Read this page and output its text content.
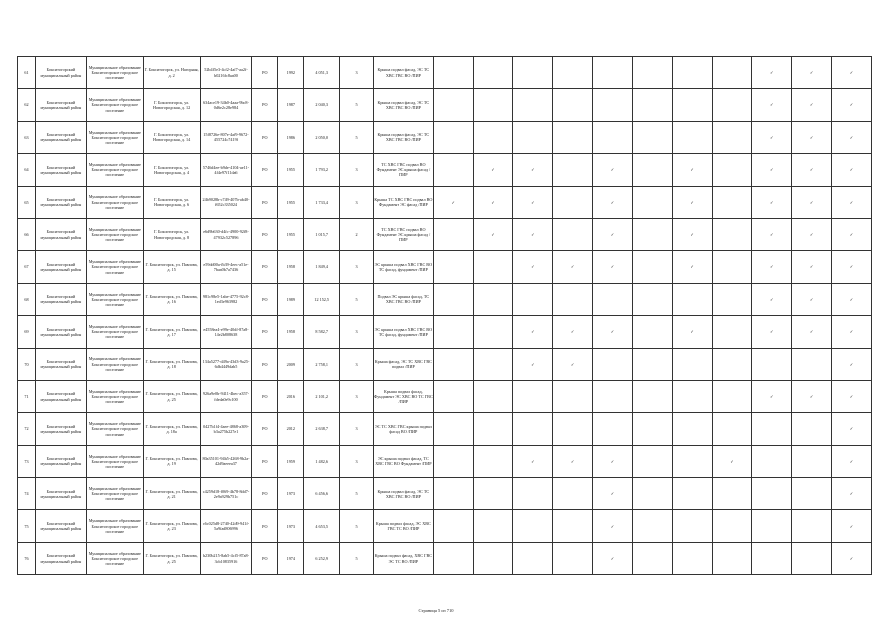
61	Бокситогорский муниципальный район	Муниципальное образование Бокситогорское городское поселение	Г. Бокситогорск, ул. Нагорная, д. 2	52b4f5e3-4cf2-4af7-aa2f-b0216fc8aa00	РО	1992	4 051,3	3	Крыша подвал фасад, ЭС ТС ХВС ГВС ВО /ПИР									✓	✓	✓
62	Бокситогорский муниципальный район	Муниципальное образование Бокситогорское городское поселение	Г. Бокситогорск, ул. Новогородская, д. 12	634ace19-34b0-4aaa-9bc8-0d6e2c28e984	РО	1987	2 040,3	5	Крыша подвал фасад, ЭС ТС ХВС ГВС ВО /ПИР									✓	✓	✓
63	Бокситогорский муниципальный район	Муниципальное образование Бокситогорское городское поселение	Г. Бокситогорск, ул. Новогородская, д. 14	15f8726e-807e-4af9-9672-455724c7419f	РО	1986	2 050,0	5	Крыша подвал фасад, ЭС ТС ХВС ГВС ВО /ПИР									✓	✓	✓
64	Бокситогорский муниципальный район	Муниципальное образование Бокситогорское городское поселение	Г. Бокситогорск, ул. Новогородская, д. 4	5746d4ee-b9de-4104-ae11-4f4e97f11da6	РО	1955	1 793,2	3	ТС ХВС ГВС подвал ВО Фундамент ЭС крыша фасад /ПИР		✓	✓		✓		✓		✓	✓	✓
65	Бокситогорский муниципальный район	Муниципальное образование Бокситогорское городское поселение	Г. Бокситогорск, ул. Новогородская, д. 6	24b9028b-c749-407b-ab40-f652c335024	РО	1955	1 733,4	3	Крыша ТС ХВС ГВС подвал ВО Фундамент ЭС фасад /ПИР	✓	✓	✓		✓		✓		✓	✓	✓
66	Бокситогорский муниципальный район	Муниципальное образование Бокситогорское городское поселение	Г. Бокситогорск, ул. Новогородская, д. 8	e6d9b630-d4fc-4900-92f8-47932c527896	РО	1955	1 015,7	2	ТС ХВС ГВС подвал ВО Фундамент ЭС крыша фасад /ПИР		✓	✓		✓		✓		✓	✓	✓
67	Бокситогорский муниципальный район	Муниципальное образование Бокситогорское городское поселение	Г. Бокситогорск, ул. Павлова, д. 15	e59dd00a-fb39-4eec-a51e-7baa0b7a7436	РО	1958	1 849,4	3	ЭС крыша подвал ХВС ГВС ВО ТС фасад, фундамент /ПИР			✓	✓	✓		✓		✓	✓	✓
68	Бокситогорский муниципальный район	Муниципальное образование Бокситогорское городское поселение	Г. Бокситогорск, ул. Павлова, д. 16	981c98e5-1abe-4775-92c8-1ed3e963982	РО	1989	12 152,5	5	Подвал ЭС крыша фасад, ТС ХВС ГВС ВО /ПИР									✓	✓	✓
69	Бокситогорский муниципальный район	Муниципальное образование Бокситогорское городское поселение	Г. Бокситогорск, ул. Павлова, д. 17	e4558ea4-e99e-40df-87a8-14e2b808638	РО	1958	8 582,7	3	ЭС крыша подвал ХВС ГВС ВО ТС фасад, фундамент /ПИР			✓	✓	✓		✓		✓	✓	✓
70	Бокситогорский муниципальный район	Муниципальное образование Бокситогорское городское поселение	Г. Бокситогорск, ул. Павлова, д. 18	134a5277-d49a-43d3-9a25-6db4449dab5	РО	2009	2 758,1	3	Крыша фасад, ЭС ТС ХВС ГВС подвал /ПИР			✓	✓							✓
71	Бокситогорский муниципальный район	Муниципальное образование Бокситогорское городское поселение	Г. Бокситогорск, ул. Павлова, д. 25	926a9e0b-9411-4bec-a357-fdeda0e9c100	РО	2016	2 101,2	3	Крыша подвал фасад, Фундамент ЭС ХВС ВО ТС ГВС /ПИР									✓	✓	✓
72	Бокситогорский муниципальный район	Муниципальное образование Бокситогорское городское поселение	Г. Бокситогорск, ул. Павлова, д. 18а	0427b1f4-4aee-4868-a309-b3a275b227e1	РО	2012	2 638,7	3	ЭС ТС ХВС ГВС крыша подвал фасад ВО /ПИР											✓
73	Бокситогорский муниципальный район	Муниципальное образование Бокситогорское городское поселение	Г. Бокситогорск, ул. Павлова, д. 19	80a35101-94b5-4268-9b2a-42d9aeeea37	РО	1959	1 482,6	3	ЭС крыша подвал фасад, ТС ХВС ГВС ВО Фундамент /ПИР			✓	✓	✓			✓			✓
74	Бокситогорский муниципальный район	Муниципальное образование Бокситогорское городское поселение	Г. Бокситогорск, ул. Павлова, д. 21	c4259d18-f069-4b78-8dd7-2e9a929b751c	РО	1973	6 456,6	5	Крыша подвал фасад, ЭС ТС ХВС ГВС ВО /ПИР					✓						✓
75	Бокситогорский муниципальный район	Муниципальное образование Бокситогорское городское поселение	Г. Бокситогорск, ул. Павлова, д. 23	c6c025d8-2740-42d9-941f-5a9fad806996	РО	1973	4 653,5	5	Крыша подвал фасад, ЭС ХВС ГВС ТС ВО /ПИР					✓						✓
76	Бокситогорский муниципальный район	Муниципальное образование Бокситогорское городское поселение	Г. Бокситогорск, ул. Павлова, д. 25	b230b215-8ab5-4cf5-87a8-3cb10835916	РО	1974	6 252,9	5	Крыша подвал фасад, ХВС ГВС ЭС ТС ВО /ПИР					✓						✓
Страница 5 из 710
